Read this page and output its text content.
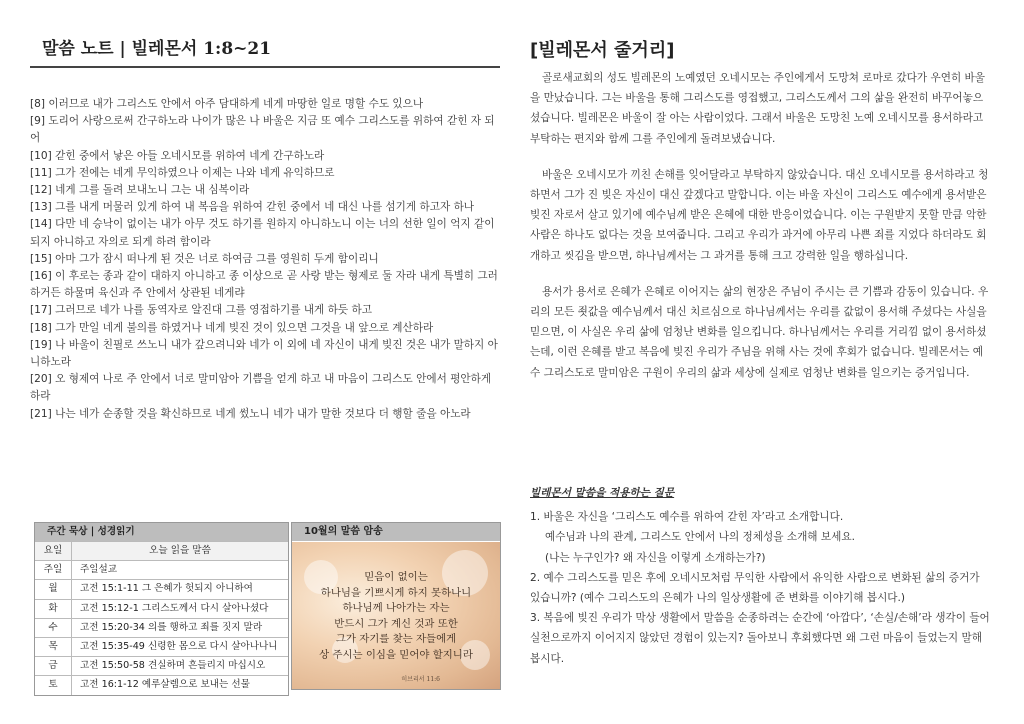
말씀 노트 | 빌레몬서 1:8~21

[8] 이러므로 내가 그리스도 안에서 아주 담대하게 네게 마땅한 일로 명할 수도 있으나

[9] 도리어 사랑으로써 간구하노라 나이가 많은 나 바울은 지금 또 예수 그리스도를 위하여 갇힌 자 되어

[10] 갇힌 중에서 낳은 아들 오네시모를 위하여 네게 간구하노라

[11] 그가 전에는 네게 무익하였으나 이제는 나와 네게 유익하므로

[12] 네게 그를 돌려 보내노니 그는 내 심복이라

[13] 그를 내게 머물러 있게 하여 내 복음을 위하여 갇힌 중에서 네 대신 나를 섬기게 하고자 하나

[14] 다만 네 승낙이 없이는 내가 아무 것도 하기를 원하지 아니하노니 이는 너의 선한 일이 억지 같이 되지 아니하고 자의로 되게 하려 함이라

[15] 아마 그가 잠시 떠나게 된 것은 너로 하여금 그를 영원히 두게 함이리니

[16] 이 후로는 종과 같이 대하지 아니하고 종 이상으로 곧 사랑 받는 형제로 둘 자라 내게 특별히 그러하거든 하물며 육신과 주 안에서 상관된 네게랴

[17] 그러므로 네가 나를 동역자로 알진대 그를 영접하기를 내게 하듯 하고

[18] 그가 만일 네게 불의를 하였거나 네게 빚진 것이 있으면 그것을 내 앞으로 계산하라

[19] 나 바울이 친필로 쓰노니 내가 갚으려니와 네가 이 외에 네 자신이 내게 빚진 것은 내가 말하지 아니하노라

[20] 오 형제여 나로 주 안에서 너로 말미암아 기쁨을 얻게 하고 내 마음이 그리스도 안에서 평안하게 하라

[21] 나는 네가 순종할 것을 확신하므로 네게 썼노니 네가 내가 말한 것보다 더 행할 줄을 아노라

주간 묵상 | 성경읽기
요일	오늘 읽을 말씀
주일	주일설교
월	고전 15:1-11 그 은혜가 헛되지 아니하여
화	고전 15:12-1 그리스도께서 다시 살아나셨다
수	고전 15:20-34 의를 행하고 죄를 짓지 말라
목	고전 15:35-49 신령한 몸으로 다시 살아나나니
금	고전 15:50-58 견실하며 흔들리지 마십시오
토	고전 16:1-12 예루살렘으로 보내는 선물
10월의 말씀 암송
믿음이 없이는
하나님을 기쁘시게 하지 못하나니
하나님께 나아가는 자는
반드시 그가 계신 것과 또한
그가 자기를 찾는 자들에게
상 주시는 이심을 믿어야 할지니라
히브리서 11:6
[빌레몬서 줄거리]

골로새교회의 성도 빌레몬의 노예였던 오네시모는 주인에게서 도망쳐 로마로 갔다가 우연히 바울을 만났습니다. 그는 바울을 통해 그리스도를 영접했고, 그리스도께서 그의 삶을 완전히 바꾸어놓으셨습니다. 빌레몬은 바울이 잘 아는 사람이었다. 그래서 바울은 도망친 노예 오네시모를 용서하라고 부탁하는 편지와 함께 그를 주인에게 돌려보냈습니다.

바울은 오네시모가 끼친 손해를 잊어달라고 부탁하지 않았습니다. 대신 오네시모를 용서하라고 청하면서 그가 진 빚은 자신이 대신 갚겠다고 말합니다. 이는 바울 자신이 그리스도 예수에게 용서받은 빚진 자로서 살고 있기에 예수님께 받은 은혜에 대한 반응이었습니다. 이는 구원받지 못할 만큼 악한 사람은 하나도 없다는 것을 보여줍니다. 그리고 우리가 과거에 아무리 나쁜 죄를 지었다 하더라도 회개하고 씻김을 받으면, 하나님께서는 그 과거를 통해 크고 강력한 일을 행하십니다.

용서가 용서로 은혜가 은혜로 이어지는 삶의 현장은 주님이 주시는 큰 기쁨과 감동이 있습니다. 우리의 모든 죗값을 예수님께서 대신 치르심으로 하나님께서는 우리를 값없이 용서해 주셨다는 사실을 믿으면, 이 사실은 우리 삶에 엄청난 변화를 일으킵니다. 하나님께서는 우리를 거리낌 없이 용서하셨는데, 이런 은혜를 받고 복음에 빚진 우리가 주님을 위해 사는 것에 후회가 없습니다. 빌레몬서는 예수 그리스도로 말미암은 구원이 우리의 삶과 세상에 실제로 엄청난 변화를 일으키는 증거입니다.

빌레몬서 말씀을 적용하는 질문

1. 바울은 자신을 ‘그리스도 예수를 위하여 갇힌 자’라고 소개합니다.

예수님과 나의 관계, 그리스도 안에서 나의 정체성을 소개해 보세요.

(나는 누구인가? 왜 자신을 이렇게 소개하는가?)

2. 예수 그리스도를 믿은 후에 오네시모처럼 무익한 사람에서 유익한 사람으로 변화된 삶의 증거가 있습니까? (예수 그리스도의 은혜가 나의 일상생활에 준 변화를 이야기해 봅시다.)

3. 복음에 빚진 우리가 막상 생활에서 말씀을 순종하려는 순간에 ‘아깝다’, ‘손실/손해’라 생각이 들어 실천으로까지 이어지지 않았던 경험이 있는지? 돌아보니 후회했다면 왜 그런 마음이 들었는지 말해봅시다.
